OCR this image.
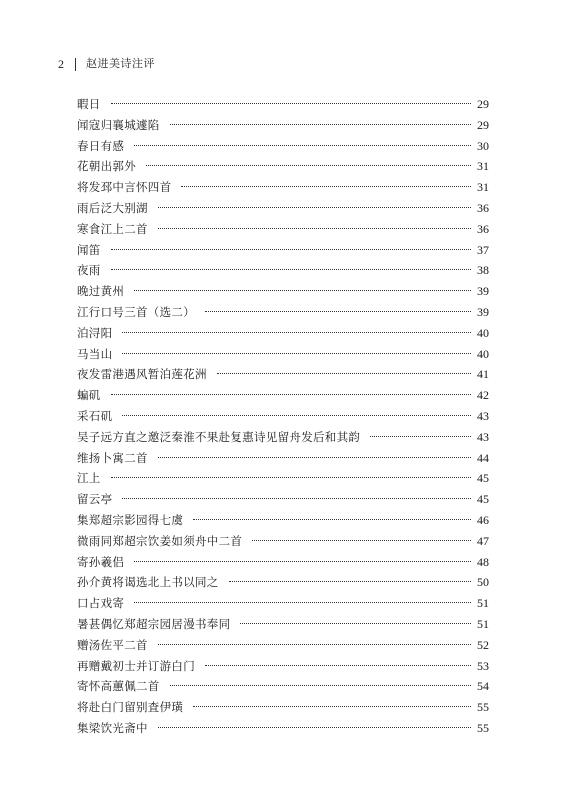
2 赵进美诗注评
暇日	29
闻寇归襄城遽陷	29
春日有感	30
花朝出郭外	31
将发邳中言怀四首	31
雨后泛大别湖	36
寒食江上二首	36
闻笛	37
夜雨	38
晚过黄州	39
江行口号三首（选二）	39
泊浔阳	40
马当山	40
夜发雷港遇风暂泊莲花洲	41
蝙矶	42
采石矶	43
吴子远方直之邀泛秦淮不果赴复惠诗见留舟发后和其韵	43
维扬卜寓二首	44
江上	45
留云亭	45
集郑超宗影园得七虞	46
微雨同郑超宗饮姜如须舟中二首	47
寄孙羲侣	48
孙介黄将谒选北上书以同之	50
口占戏寄	51
暑甚偶忆郑超宗园居漫书奉同	51
赠汤佐平二首	52
再赠戴初士并订游白门	53
寄怀高蕙佩二首	54
将赴白门留别査伊璜	55
集梁饮光斋中	55
